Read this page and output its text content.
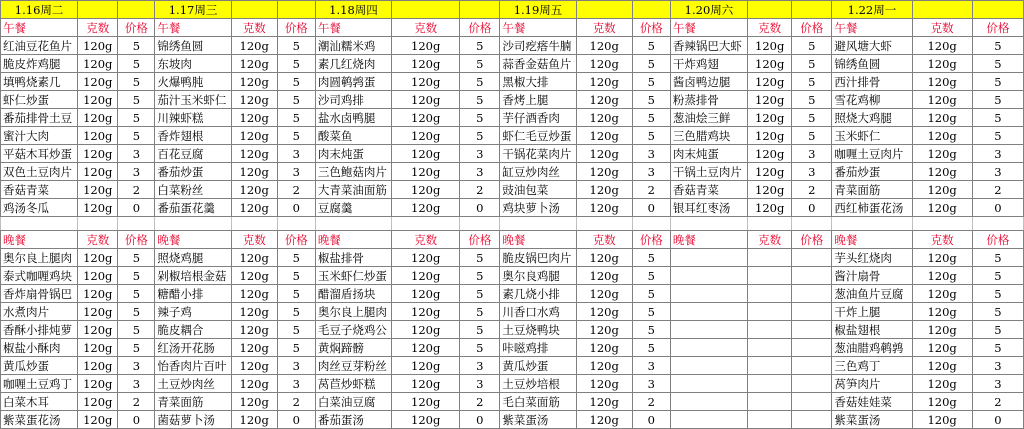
1.16周二			1.17周三			1.18周四			1.19周五			1.20周六			1.22周一		
午餐	克数	价格	午餐	克数	价格	午餐	克数	价格	午餐	克数	价格	午餐	克数	价格	午餐	克数	价格
红油豆花鱼片	120g	5	锦绣鱼圆	120g	5	潮汕糯米鸡	120g	5	沙司疙瘩牛腩	120g	5	香辣锅巴大虾	120g	5	避风塘大虾	120g	5
脆皮炸鸡腿	120g	5	东坡肉	120g	5	素几红烧肉	120g	5	蒜香金菇鱼片	120g	5	干炸鸡翅	120g	5	锦绣鱼圆	120g	5
填鸭烧素几	120g	5	火爆鸭肫	120g	5	肉圆鹌鹑蛋	120g	5	黑椒大排	120g	5	酱卤鸭边腿	120g	5	西汁排骨	120g	5
虾仁炒蛋	120g	5	茄汁玉米虾仁	120g	5	沙司鸡排	120g	5	香烤上腿	120g	5	粉蒸排骨	120g	5	雪花鸡柳	120g	5
番茄排骨土豆	120g	5	川辣虾糕	120g	5	盐水卤鸭腿	120g	5	芋仔酒香肉	120g	5	葱油烩三鲜	120g	5	照烧大鸡腿	120g	5
蜜汁大肉	120g	5	香炸翅根	120g	5	酸菜鱼	120g	5	虾仁毛豆炒蛋	120g	5	三色腊鸡块	120g	5	玉米虾仁	120g	5
平菇木耳炒蛋	120g	3	百花豆腐	120g	3	肉末炖蛋	120g	3	干锅花菜肉片	120g	3	肉末炖蛋	120g	3	咖喱土豆肉片	120g	3
双色土豆肉片	120g	3	番茄炒蛋	120g	3	三色鲍菇肉片	120g	3	缸豆炒肉丝	120g	3	干锅土豆肉片	120g	3	番茄炒蛋	120g	3
香菇青菜	120g	2	白菜粉丝	120g	2	大青菜油面筋	120g	2	豉油包菜	120g	2	香菇青菜	120g	2	青菜面筋	120g	2
鸡汤冬瓜	120g	0	番茄蛋花羹	120g	0	豆腐羹	120g	0	鸡块萝卜汤	120g	0	银耳红枣汤	120g	0	西红柿蛋花汤	120g	0

晚餐	克数	价格	晚餐	克数	价格	晚餐	克数	价格	晚餐	克数	价格	晚餐	克数	价格	晚餐	克数	价格
奥尔良上腿肉	120g	5	照烧鸡腿	120g	5	椒盐排骨	120g	5	脆皮锅巴肉片	120g	5				芋头红烧肉	120g	5
泰式咖喱鸡块	120g	5	剁椒培根金菇	120g	5	玉米虾仁炒蛋	120g	5	奥尔良鸡腿	120g	5				酱汁扇骨	120g	5
香炸扇骨锅巴	120g	5	糖醋小排	120g	5	醋溜盾扬块	120g	5	素几烧小排	120g	5				葱油鱼片豆腐	120g	5
水煮肉片	120g	5	辣子鸡	120g	5	奥尔良上腿肉	120g	5	川香口水鸡	120g	5				干炸上腿	120g	5
香酥小排炖萝	120g	5	脆皮耦合	120g	5	毛豆子烧鸡公	120g	5	土豆烧鸭块	120g	5				椒盐翅根	120g	5
椒盐小酥肉	120g	5	红汤开花肠	120g	5	黄焖蹄髈	120g	5	咔嗞鸡排	120g	5				葱油腊鸡鹌鹑	120g	5
黄瓜炒蛋	120g	3	怡香肉片百叶	120g	3	肉丝豆芽粉丝	120g	3	黄瓜炒蛋	120g	3				三色鸡丁	120g	3
咖喱土豆鸡丁	120g	3	土豆炒肉丝	120g	3	莴苣炒虾糕	120g	3	土豆炒培根	120g	3				莴笋肉片	120g	3
白菜木耳	120g	2	青菜面筋	120g	2	白菜油豆腐	120g	2	毛白菜面筋	120g	2				香菇娃娃菜	120g	2
紫菜蛋花汤	120g	0	菌菇萝卜汤	120g	0	番茄蛋汤	120g	0	紫菜蛋汤	120g	0				紫菜蛋汤	120g	0
